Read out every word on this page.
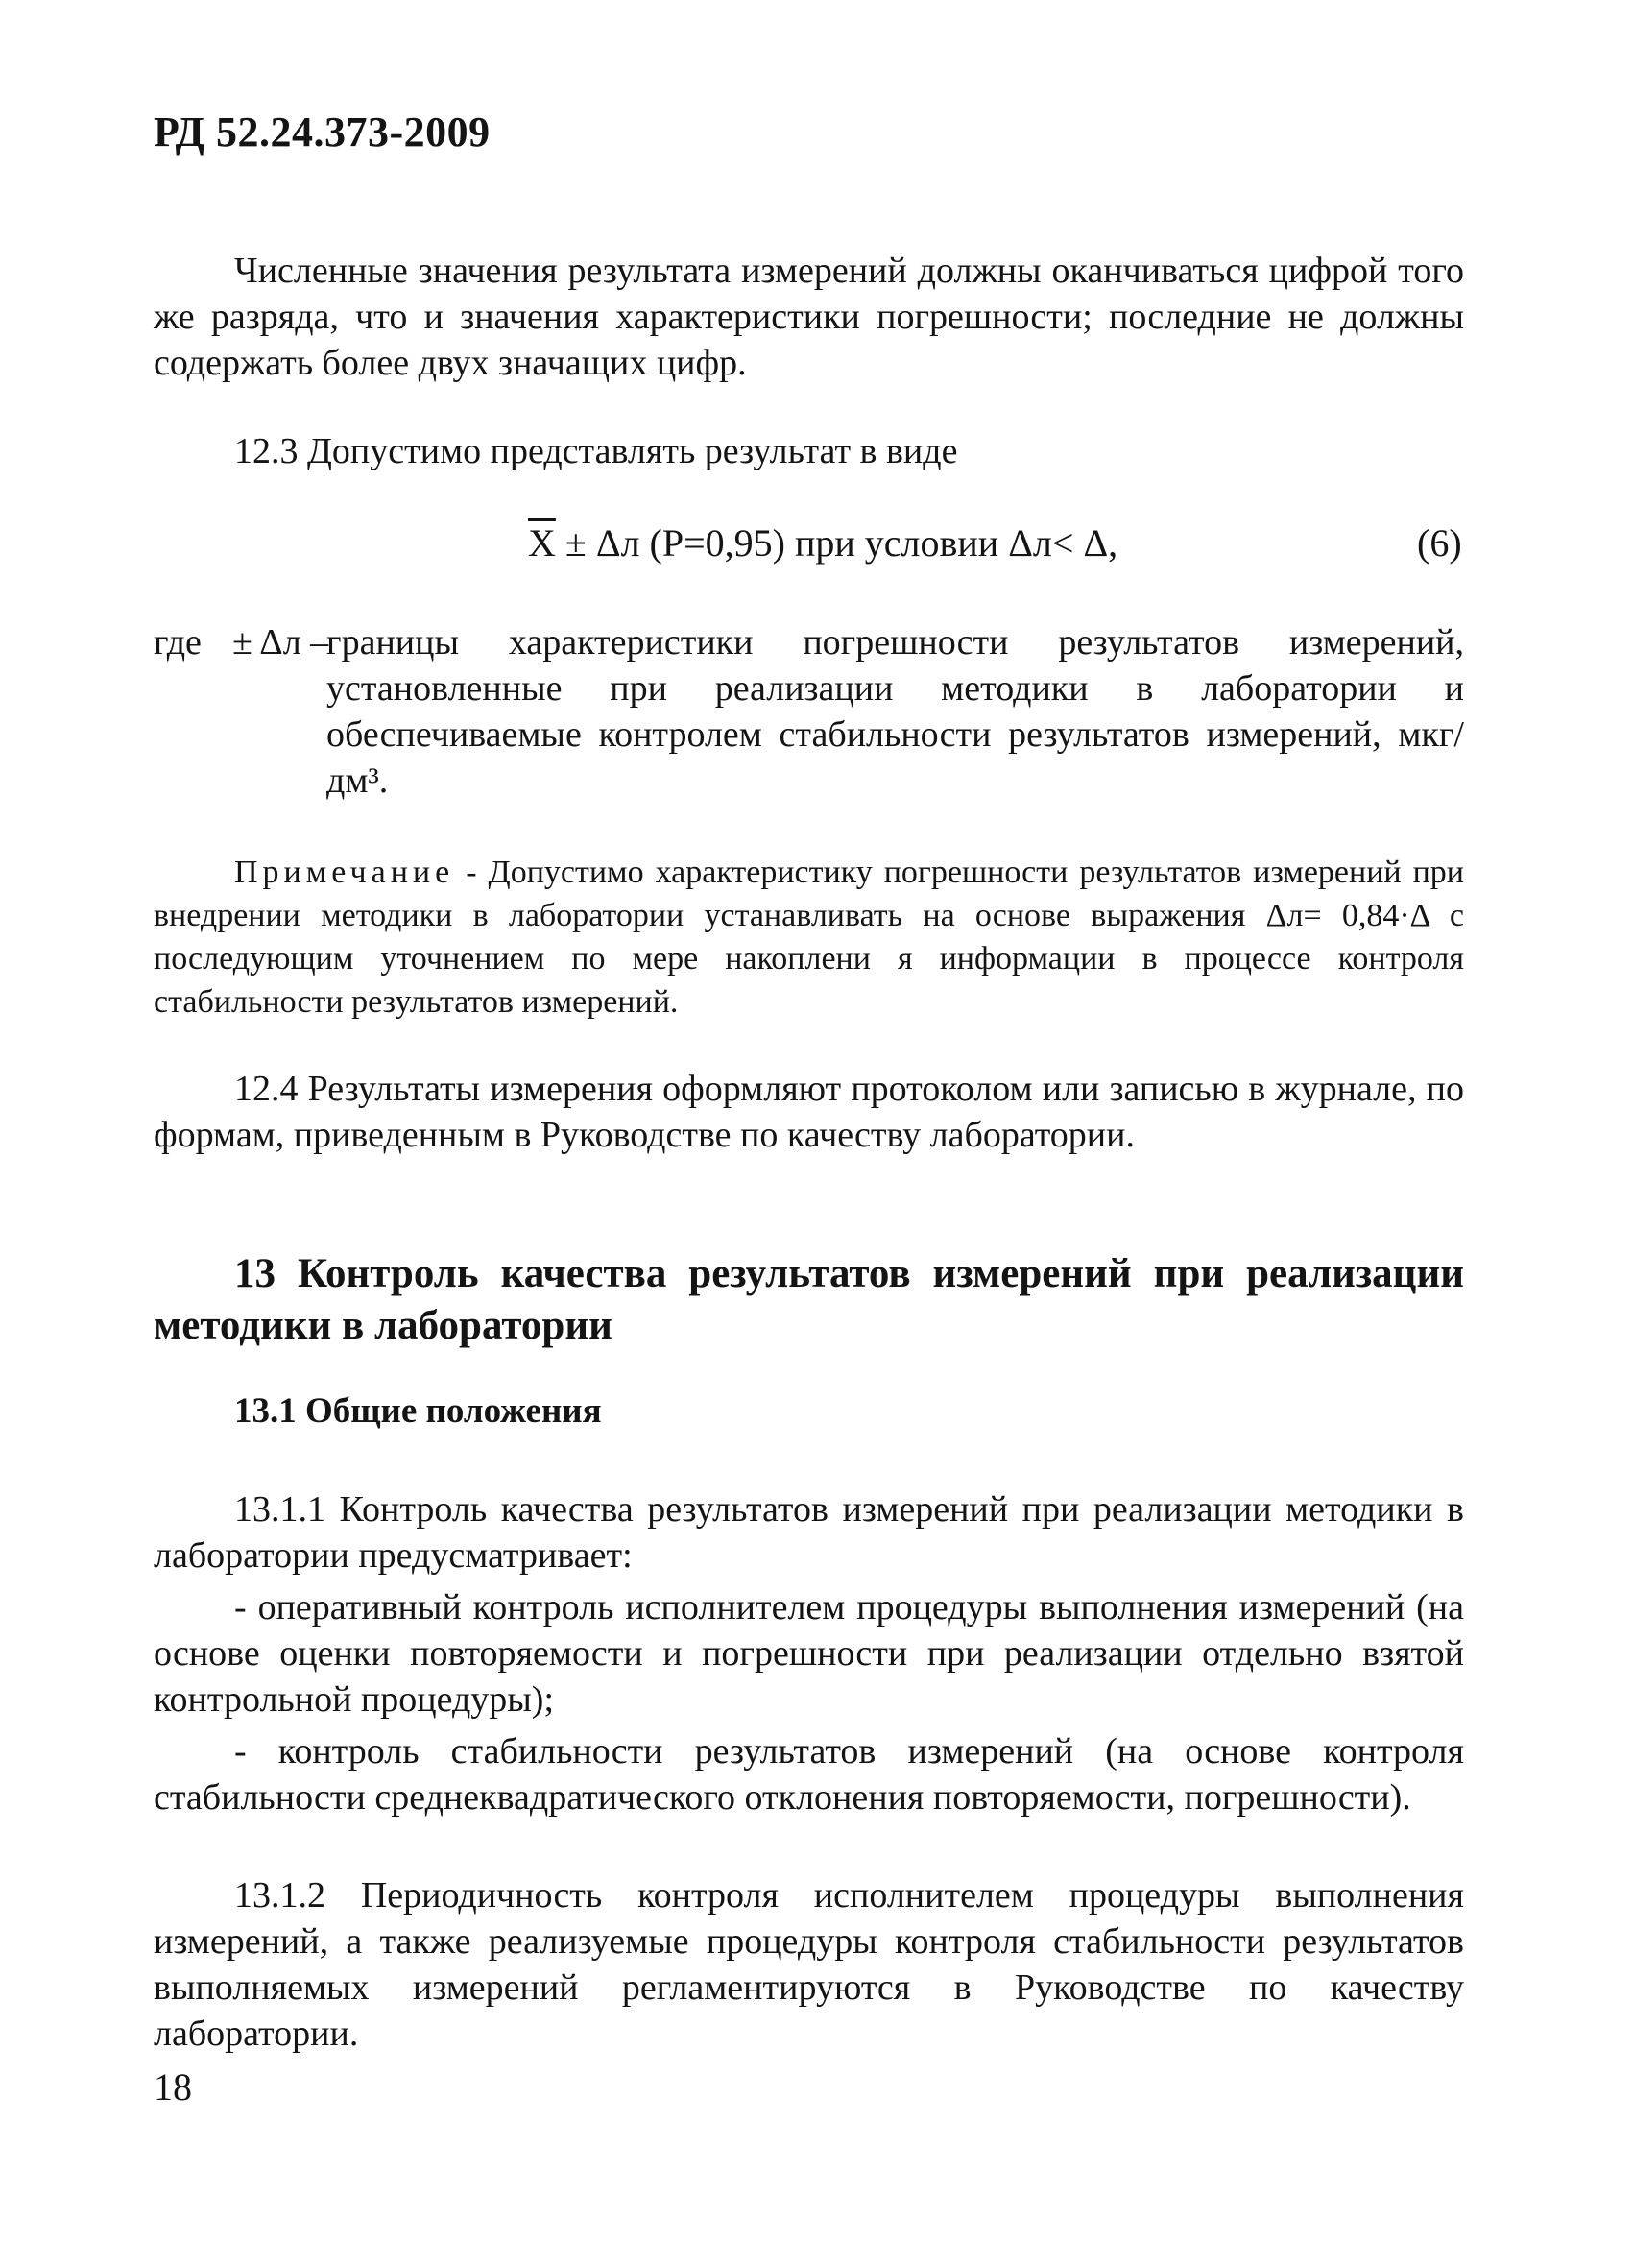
РД 52.24.373-2009
Численные значения результата измерений должны оканчиваться цифрой того же разряда, что и значения характеристики погрешности; последние не должны содержать более двух значащих цифр.
12.3 Допустимо представлять результат в виде
$\overline{X} \pm \Delta л$ (P=0,95) при условии Δл< Δ,	(6)
где ± Δл –
границы характеристики погрешности результатов измерений, установленные при реализации методики в лаборатории и обеспечиваемые контролем стабильности результатов измерений, мкг/дм³.
Примечание - Допустимо характеристику погрешности результатов измерений при внедрении методики в лаборатории устанавливать на основе выражения Δл= 0,84·Δ с последующим уточнением по мере накоплени я информации в процессе контроля стабильности результатов измерений.
12.4 Результаты измерения оформляют протоколом или записью в журнале, по формам, приведенным в Руководстве по качеству лаборатории.
13 Контроль качества результатов измерений при реализации методики в лаборатории
13.1 Общие положения
13.1.1 Контроль качества результатов измерений при реализации методики в лаборатории предусматривает:
- оперативный контроль исполнителем процедуры выполнения измерений (на основе оценки повторяемости и погрешности при реализации отдельно взятой контрольной процедуры);
- контроль стабильности результатов измерений (на основе контроля стабильности среднеквадратического отклонения повторяемости, погрешности).
13.1.2 Периодичность контроля исполнителем процедуры выполнения измерений, а также реализуемые процедуры контроля стабильности результатов выполняемых измерений регламентируются в Руководстве по качеству лаборатории.
18
